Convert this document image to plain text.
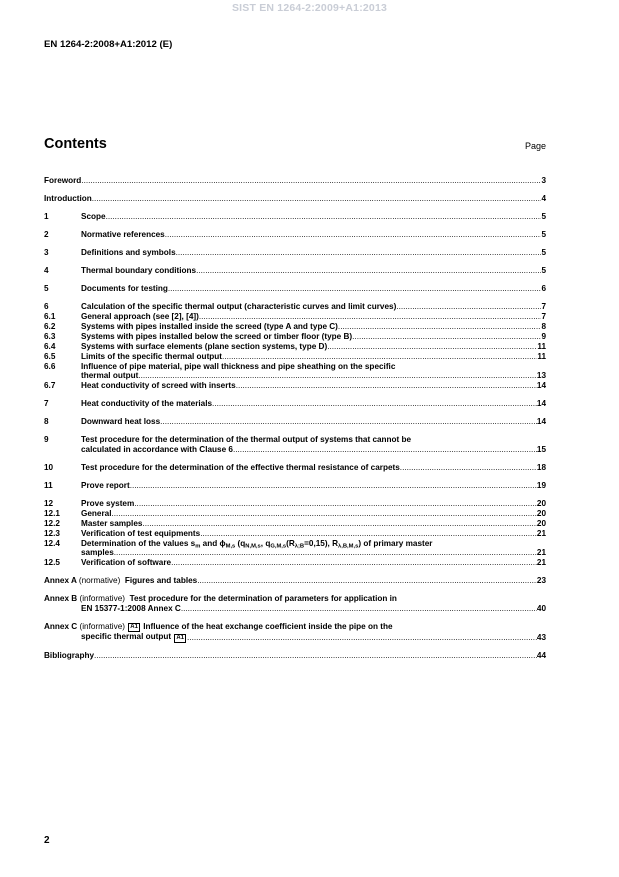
SIST EN 1264-2:2009+A1:2013
EN 1264-2:2008+A1:2012 (E)
Contents	Page
Foreword .....	3
Introduction .....	4
1	Scope .....	5
2	Normative references .....	5
3	Definitions and symbols .....	5
4	Thermal boundary conditions .....	5
5	Documents for testing .....	6
6	Calculation of the specific thermal output (characteristic curves and limit curves) .....	7
6.1	General approach (see [2], [4]) .....	7
6.2	Systems with pipes installed inside the screed (type A and type C) .....	8
6.3	Systems with pipes installed below the screed or timber floor (type B) .....	9
6.4	Systems with surface elements (plane section systems, type D) .....	11
6.5	Limits of the specific thermal output .....	11
6.6	Influence of pipe material, pipe wall thickness and pipe sheathing on the specific
thermal output .....	13
6.7	Heat conductivity of screed with inserts .....	14
7	Heat conductivity of the materials .....	14
8	Downward heat loss .....	14
9	Test procedure for the determination of the thermal output of systems that cannot be
calculated in accordance with Clause 6 .....	15
10	Test procedure for the determination of the effective thermal resistance of carpets .....	18
11	Prove report .....	19
12	Prove system .....	20
12.1	General .....	20
12.2	Master samples .....	20
12.3	Verification of test equipments .....	21
12.4	Determination of the values $s_m$ and $\phi_{M,s}$ ($q_{N,M,s}$, $q_{G,M,s}(R_{\lambda;B}=0,15)$, $R_{\lambda,B,M,s}$) of primary master
samples .....	21
12.5	Verification of software .....	21
Annex A (normative) Figures and tables .....	23
Annex B (informative) Test procedure for the determination of parameters for application in
EN 15377-1:2008 Annex C .....	40
Annex C (informative) A1 Influence of the heat exchange coefficient inside the pipe on the
specific thermal output A1 .....	43
Bibliography .....	44
2
